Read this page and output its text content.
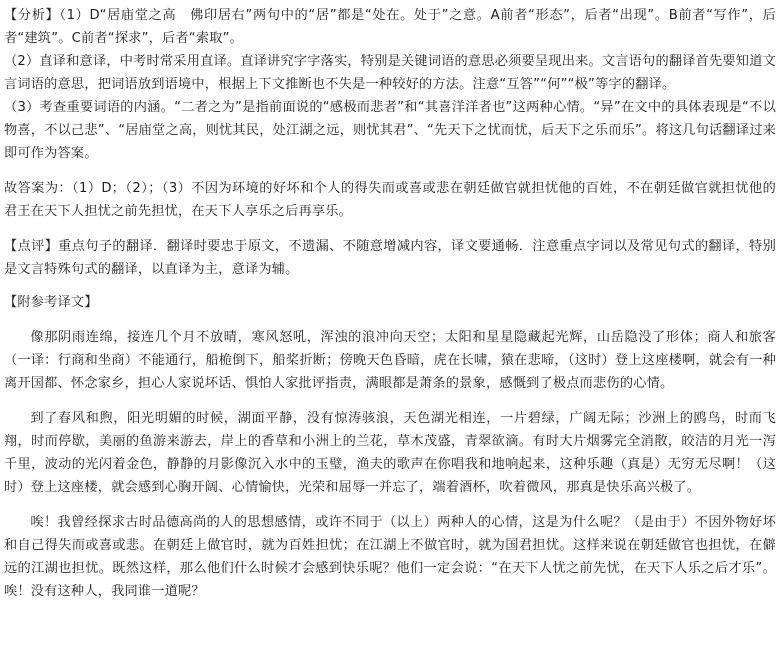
【分析】（1）D“居庙堂之高　佛印居右”两句中的“居”都是“处在。处于”之意。A前者“形态”，后者“出现”。B前者“写作”，后者“建筑”。C前者“探求”，后者“索取”。

（2）直译和意译，中考时常采用直译。直译讲究字字落实，特别是关键词语的意思必须要呈现出来。文言语句的翻译首先要知道文言词语的意思，把词语放到语境中，根据上下文推断也不失是一种较好的方法。注意“互答”“何”“极”等字的翻译。

（3）考查重要词语的内涵。“二者之为”是指前面说的“感极而悲者”和“其喜洋洋者也”这两种心情。“异”在文中的具体表现是“不以物喜，不以己悲”、“居庙堂之高，则忧其民，处江湖之远，则忧其君”、“先天下之忧而忧，后天下之乐而乐”。将这几句话翻译过来即可作为答案。

故答案为：（1）D；（2）；（3）不因为环境的好坏和个人的得失而或喜或悲在朝廷做官就担忧他的百姓，不在朝廷做官就担忧他的君王在天下人担忧之前先担忧，在天下人享乐之后再享乐。

【点评】重点句子的翻译．翻译时要忠于原文，不遗漏、不随意增减内容，译文要通畅．注意重点字词以及常见句式的翻译，特别是文言特殊句式的翻译，以直译为主，意译为辅。

【附参考译文】

像那阴雨连绵，接连几个月不放晴，寒风怒吼，浑浊的浪冲向天空；太阳和星星隐藏起光辉，山岳隐没了形体；商人和旅客（一译：行商和坐商）不能通行，船桅倒下，船桨折断；傍晚天色昏暗，虎在长啸，猿在悲啼，（这时）登上这座楼啊，就会有一种离开国都、怀念家乡，担心人家说坏话、惧怕人家批评指责，满眼都是萧条的景象，感慨到了极点而悲伤的心情。

到了春风和煦，阳光明媚的时候，湖面平静，没有惊涛骇浪，天色湖光相连，一片碧绿，广阔无际；沙洲上的鸥鸟，时而飞翔，时而停歇，美丽的鱼游来游去，岸上的香草和小洲上的兰花，草木茂盛，青翠欲滴。有时大片烟雾完全消散，皎洁的月光一泻千里，波动的光闪着金色，静静的月影像沉入水中的玉璧，渔夫的歌声在你唱我和地响起来，这种乐趣（真是）无穷无尽啊！（这时）登上这座楼，就会感到心胸开阔、心情愉快，光荣和屈辱一并忘了，端着酒杯，吹着微风，那真是快乐高兴极了。

唉！我曾经探求古时品德高尚的人的思想感情，或许不同于（以上）两种人的心情，这是为什么呢？（是由于）不因外物好坏和自己得失而或喜或悲。在朝廷上做官时，就为百姓担忧；在江湖上不做官时，就为国君担忧。这样来说在朝廷做官也担忧，在僻远的江湖也担忧。既然这样，那么他们什么时候才会感到快乐呢？他们一定会说：“在天下人忧之前先忧，在天下人乐之后才乐”。唉！没有这种人，我同谁一道呢？
